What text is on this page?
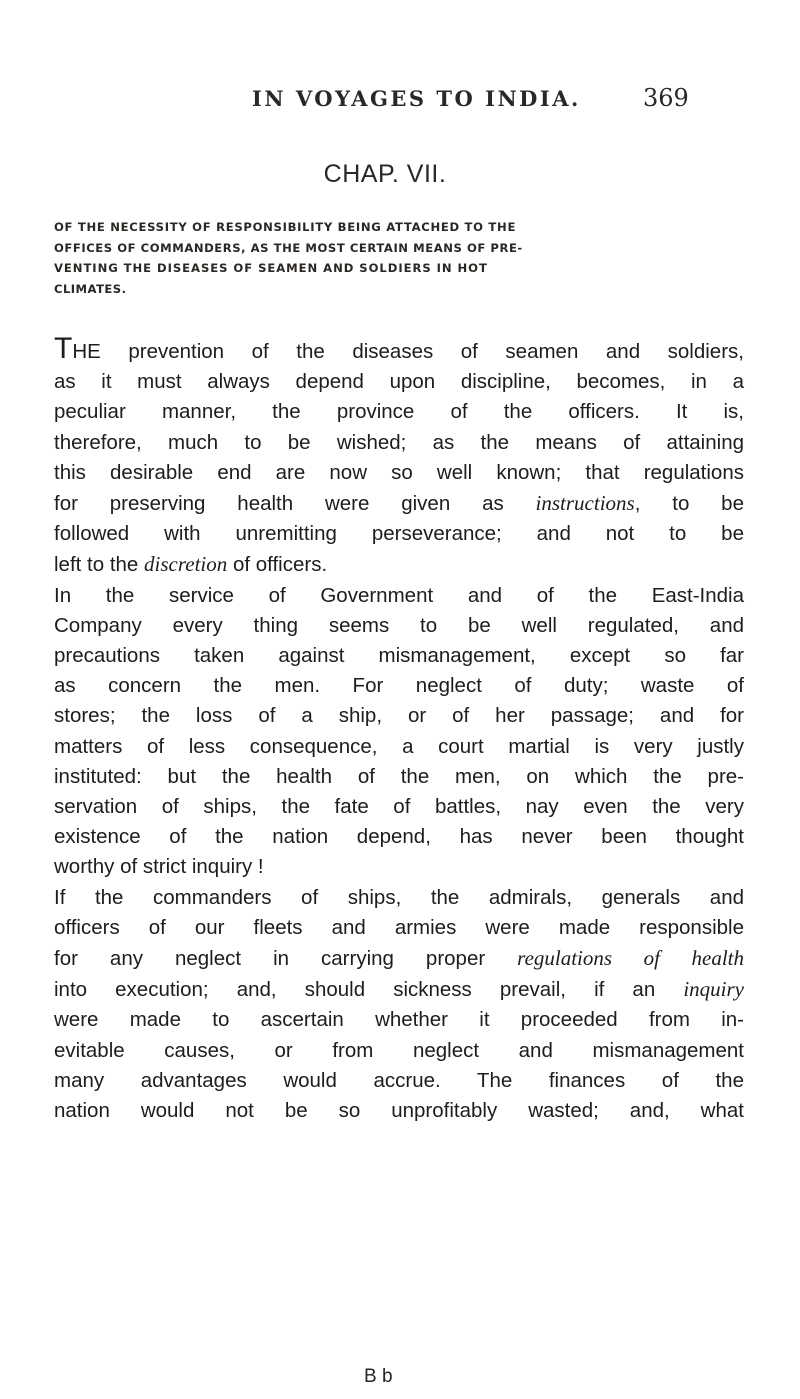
IN VOYAGES TO INDIA.	369
CHAP. VII.
OF THE NECESSITY OF RESPONSIBILITY BEING ATTACHED TO THE
OFFICES OF COMMANDERS, AS THE MOST CERTAIN MEANS OF PRE-
VENTING THE DISEASES OF SEAMEN AND SOLDIERS IN HOT
CLIMATES.
THE prevention of the diseases of seamen and soldiers,
as it must always depend upon discipline, becomes, in a
peculiar manner, the province of the officers. It is,
therefore, much to be wished; as the means of attaining
this desirable end are now so well known; that regulations
for preserving health were given as instructions, to be
followed with unremitting perseverance; and not to be
left to the discretion of officers.
In the service of Government and of the East-India
Company every thing seems to be well regulated, and
precautions taken against mismanagement, except so far
as concern the men. For neglect of duty; waste of
stores; the loss of a ship, or of her passage; and for
matters of less consequence, a court martial is very justly
instituted: but the health of the men, on which the pre-
servation of ships, the fate of battles, nay even the very
existence of the nation depend, has never been thought
worthy of strict inquiry !
If the commanders of ships, the admirals, generals and
officers of our fleets and armies were made responsible
for any neglect in carrying proper regulations of health
into execution; and, should sickness prevail, if an inquiry
were made to ascertain whether it proceeded from in-
evitable causes, or from neglect and mismanagement
many advantages would accrue. The finances of the
nation would not be so unprofitably wasted; and, what
B b
